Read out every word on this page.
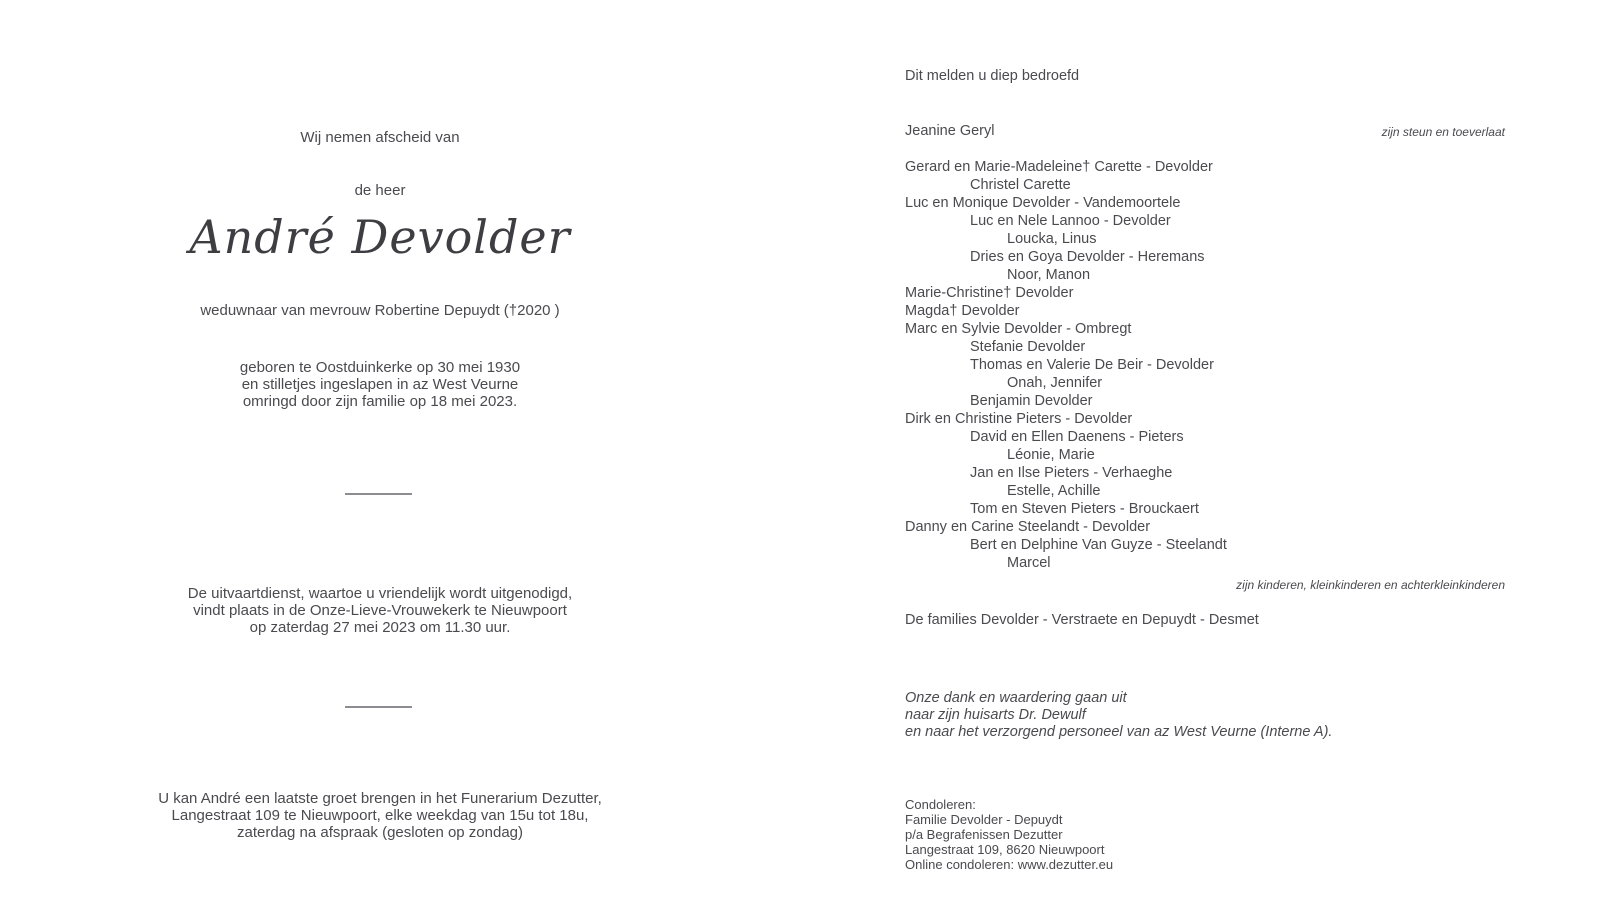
Wij nemen afscheid van
de heer
André Devolder
weduwnaar van mevrouw Robertine Depuydt (†2020 )
geboren te Oostduinkerke op 30 mei 1930
en stilletjes ingeslapen in az West Veurne
omringd door zijn familie op 18 mei 2023.
De uitvaartdienst, waartoe u vriendelijk wordt uitgenodigd,
vindt plaats in de Onze-Lieve-Vrouwekerk te Nieuwpoort
op zaterdag 27 mei 2023 om 11.30 uur.
U kan André een laatste groet brengen in het Funerarium Dezutter,
Langestraat 109 te Nieuwpoort, elke weekdag van 15u tot 18u,
zaterdag na afspraak (gesloten op zondag)
Dit melden u diep bedroefd
Jeanine Geryl	zijn steun en toeverlaat
Gerard en Marie-Madeleine† Carette - Devolder
Christel Carette
Luc en Monique Devolder - Vandemoortele
Luc en Nele Lannoo - Devolder
Loucka, Linus
Dries en Goya Devolder - Heremans
Noor, Manon
Marie-Christine† Devolder
Magda† Devolder
Marc en Sylvie Devolder - Ombregt
Stefanie Devolder
Thomas en Valerie De Beir - Devolder
Onah, Jennifer
Benjamin Devolder
Dirk en Christine Pieters - Devolder
David en Ellen Daenens - Pieters
Léonie, Marie
Jan en Ilse Pieters - Verhaeghe
Estelle, Achille
Tom en Steven Pieters - Brouckaert
Danny en Carine Steelandt - Devolder
Bert en Delphine Van Guyze - Steelandt
Marcel
zijn kinderen, kleinkinderen en achterkleinkinderen
De families Devolder - Verstraete en Depuydt - Desmet
Onze dank en waardering gaan uit
naar zijn huisarts Dr. Dewulf
en naar het verzorgend personeel van az West Veurne (Interne A).
Condoleren:
Familie Devolder - Depuydt
p/a Begrafenissen Dezutter
Langestraat 109, 8620 Nieuwpoort
Online condoleren: www.dezutter.eu
